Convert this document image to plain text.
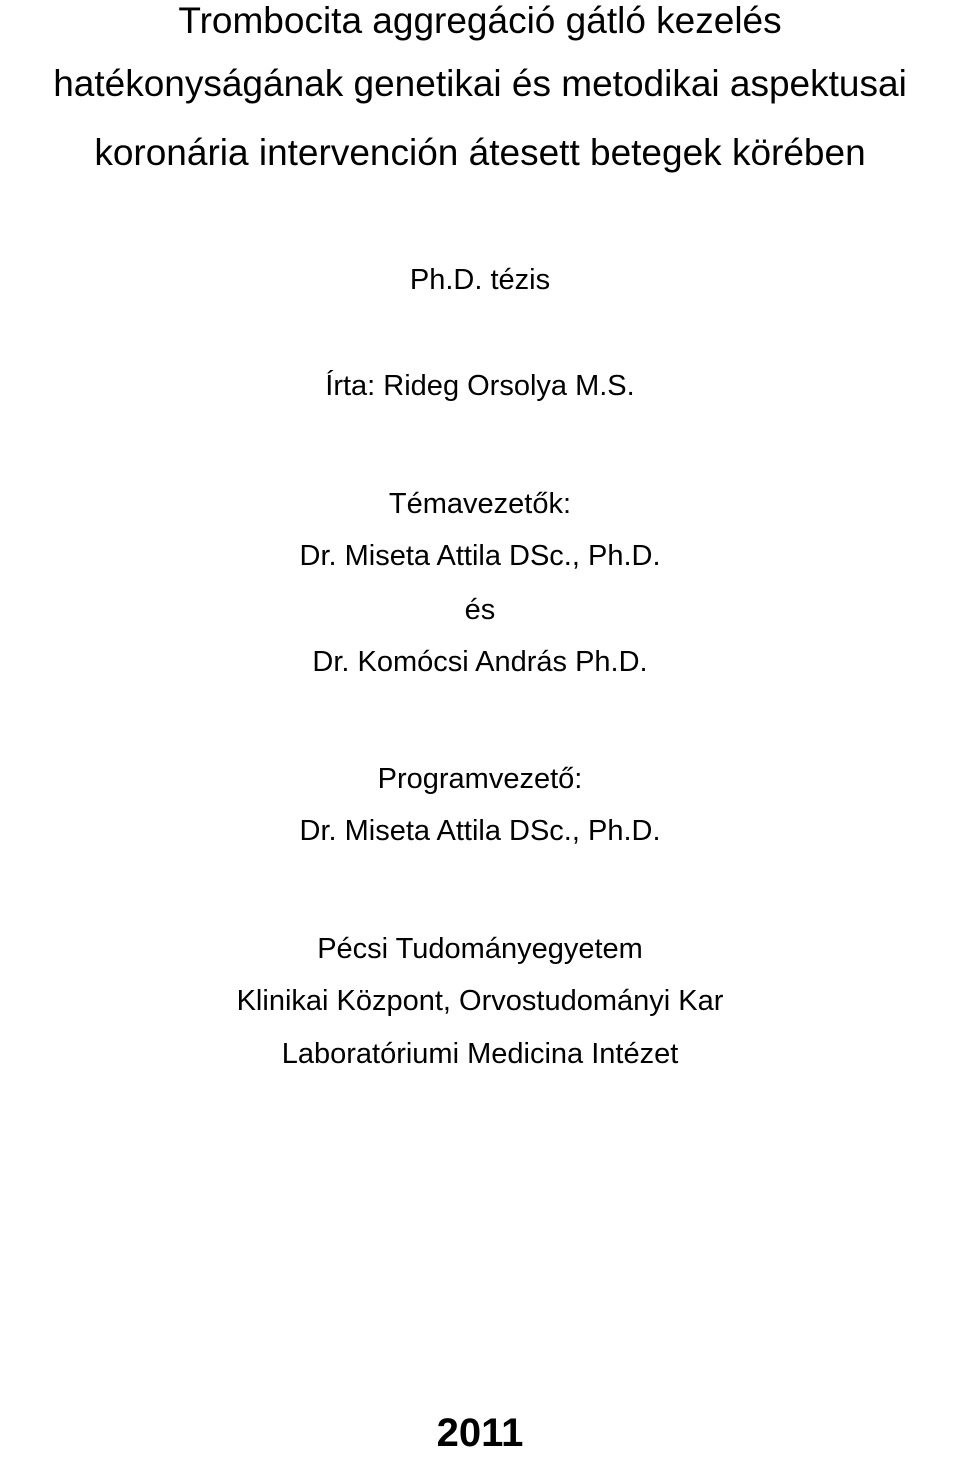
Trombocita aggregáció gátló kezelés
hatékonyságának genetikai és metodikai aspektusai
koronária intervención átesett betegek körében
Ph.D. tézis
Írta: Rideg Orsolya M.S.
Témavezetők:
Dr. Miseta Attila DSc., Ph.D.
és
Dr. Komócsi András Ph.D.
Programvezető:
Dr. Miseta Attila DSc., Ph.D.
Pécsi Tudományegyetem
Klinikai Központ, Orvostudományi Kar
Laboratóriumi Medicina Intézet
2011
